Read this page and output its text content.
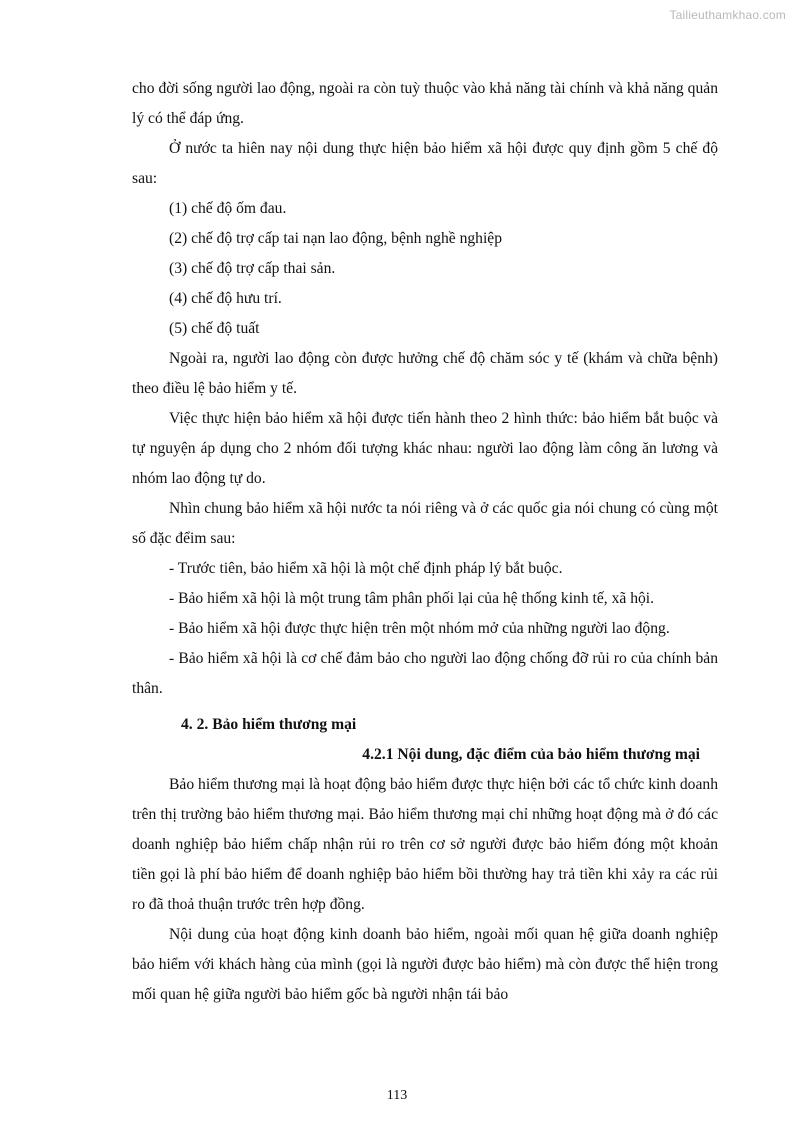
Tailieuthamkhao.com

cho đời sống người lao động, ngoài ra còn tuỳ thuộc vào khả năng tài chính và khả năng quản lý có thể đáp ứng.

Ở nước ta hiên nay nội dung thực hiện bảo hiểm xã hội được quy định gồm 5 chế độ sau:

(1) chế độ ốm đau.

(2) chế độ trợ cấp tai nạn lao động, bệnh nghề nghiệp

(3) chế độ trợ cấp thai sản.

(4) chế độ hưu trí.

(5) chế độ tuất

Ngoài ra, người lao động còn được hưởng chế độ chăm sóc y tế (khám và chữa bệnh) theo điều lệ bảo hiểm y tế.

Việc thực hiện bảo hiểm xã hội được tiến hành theo 2 hình thức: bảo hiểm bắt buộc và tự nguyện áp dụng cho 2 nhóm đối tượng khác nhau: người lao động làm công ăn lương và nhóm lao động tự do.

Nhìn chung bảo hiểm xã hội nước ta nói riêng và ở các quốc gia nói chung có cùng một số đặc đểim sau:

- Trước tiên, bảo hiểm xã hội là một chế định pháp lý bắt buộc.

- Bảo hiểm xã hội là một trung tâm phân phối lại của hệ thống kinh tế, xã hội.

- Bảo hiểm xã hội được thực hiện trên một nhóm mở của những người lao động.

- Bảo hiểm xã hội là cơ chế đảm bảo cho người lao động chống đỡ rủi ro của chính bản thân.

4. 2. Bảo hiểm thương mại

4.2.1 Nội dung, đặc điểm của bảo hiểm thương mại

Bảo hiểm thương mại là hoạt động bảo hiểm được thực hiện bởi các tổ chức kinh doanh trên thị trường bảo hiểm thương mại. Bảo hiểm thương mại chỉ những hoạt động mà ở đó các doanh nghiệp bảo hiểm chấp nhận rủi ro trên cơ sở người được bảo hiểm đóng một khoản tiền gọi là phí bảo hiểm để doanh nghiệp bảo hiểm bồi thường hay trả tiền khi xảy ra các rủi ro đã thoả thuận trước trên hợp đồng.

Nội dung của hoạt động kinh doanh bảo hiểm, ngoài mối quan hệ giữa doanh nghiệp bảo hiểm với khách hàng của mình (gọi là người được bảo hiểm) mà còn được thể hiện trong mối quan hệ giữa người bảo hiểm gốc bà người nhận tái bảo

113
